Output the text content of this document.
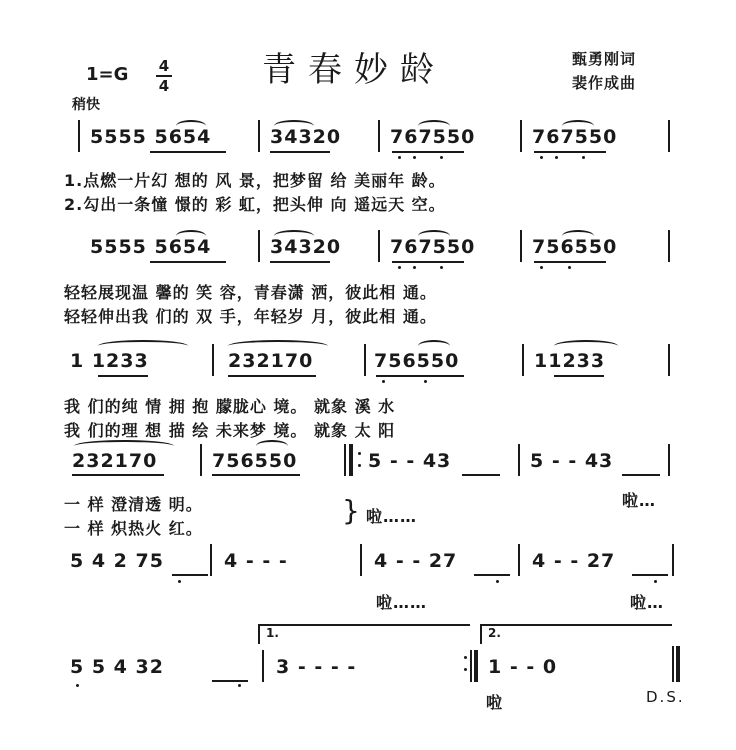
青春妙龄
1=G 4
4
稍快
甄勇刚词
裴作成曲
5555 5654	34320	767550	767550
1.点燃一片幻 想的 风 景，把梦留 给 美丽年 龄。
2.勾出一条憧 憬的 彩 虹，把头伸 向 遥远天 空。
5555 5654	34320	767550	756550
轻轻展现温 馨的 笑 容，青春潇 洒，彼此相 通。
轻轻伸出我 们的 双 手，年轻岁 月，彼此相 通。
1 1233	232170	756550	11233
我 们的纯 情 拥 抱 朦胧心 境。 就象 溪 水
我 们的理 想 描 绘 未来梦 境。 就象 太 阳
232170	756550	5 - - 43	5 - - 43
一 样 澄清透 明。
一 样 炽热火 红。
} 啦……
啦…
5 4 2 75	4 - - -	4 - - 27	4 - - 27
啦……	啦…
1.	2.
5 5 4 32	3 - - - -	1 - - 0
啦	D.S.
